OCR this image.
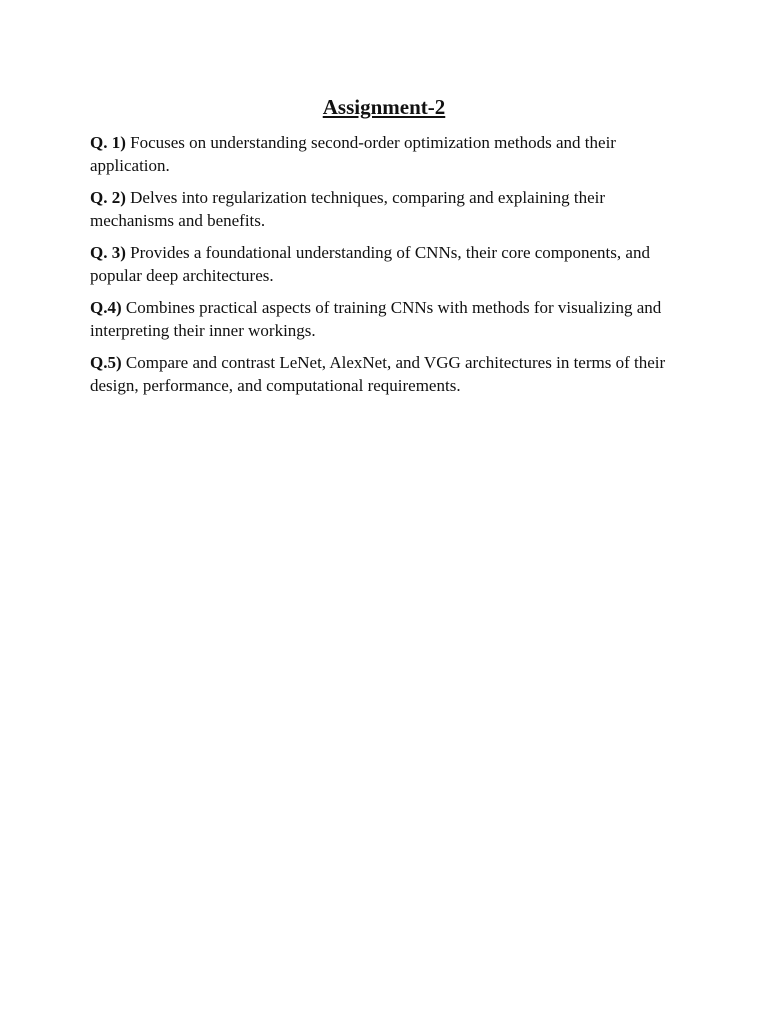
Assignment-2

Q. 1) Focuses on understanding second-order optimization methods and their application.

Q. 2) Delves into regularization techniques, comparing and explaining their mechanisms and benefits.

Q. 3) Provides a foundational understanding of CNNs, their core components, and popular deep architectures.

Q.4) Combines practical aspects of training CNNs with methods for visualizing and interpreting their inner workings.

Q.5) Compare and contrast LeNet, AlexNet, and VGG architectures in terms of their design, performance, and computational requirements.
